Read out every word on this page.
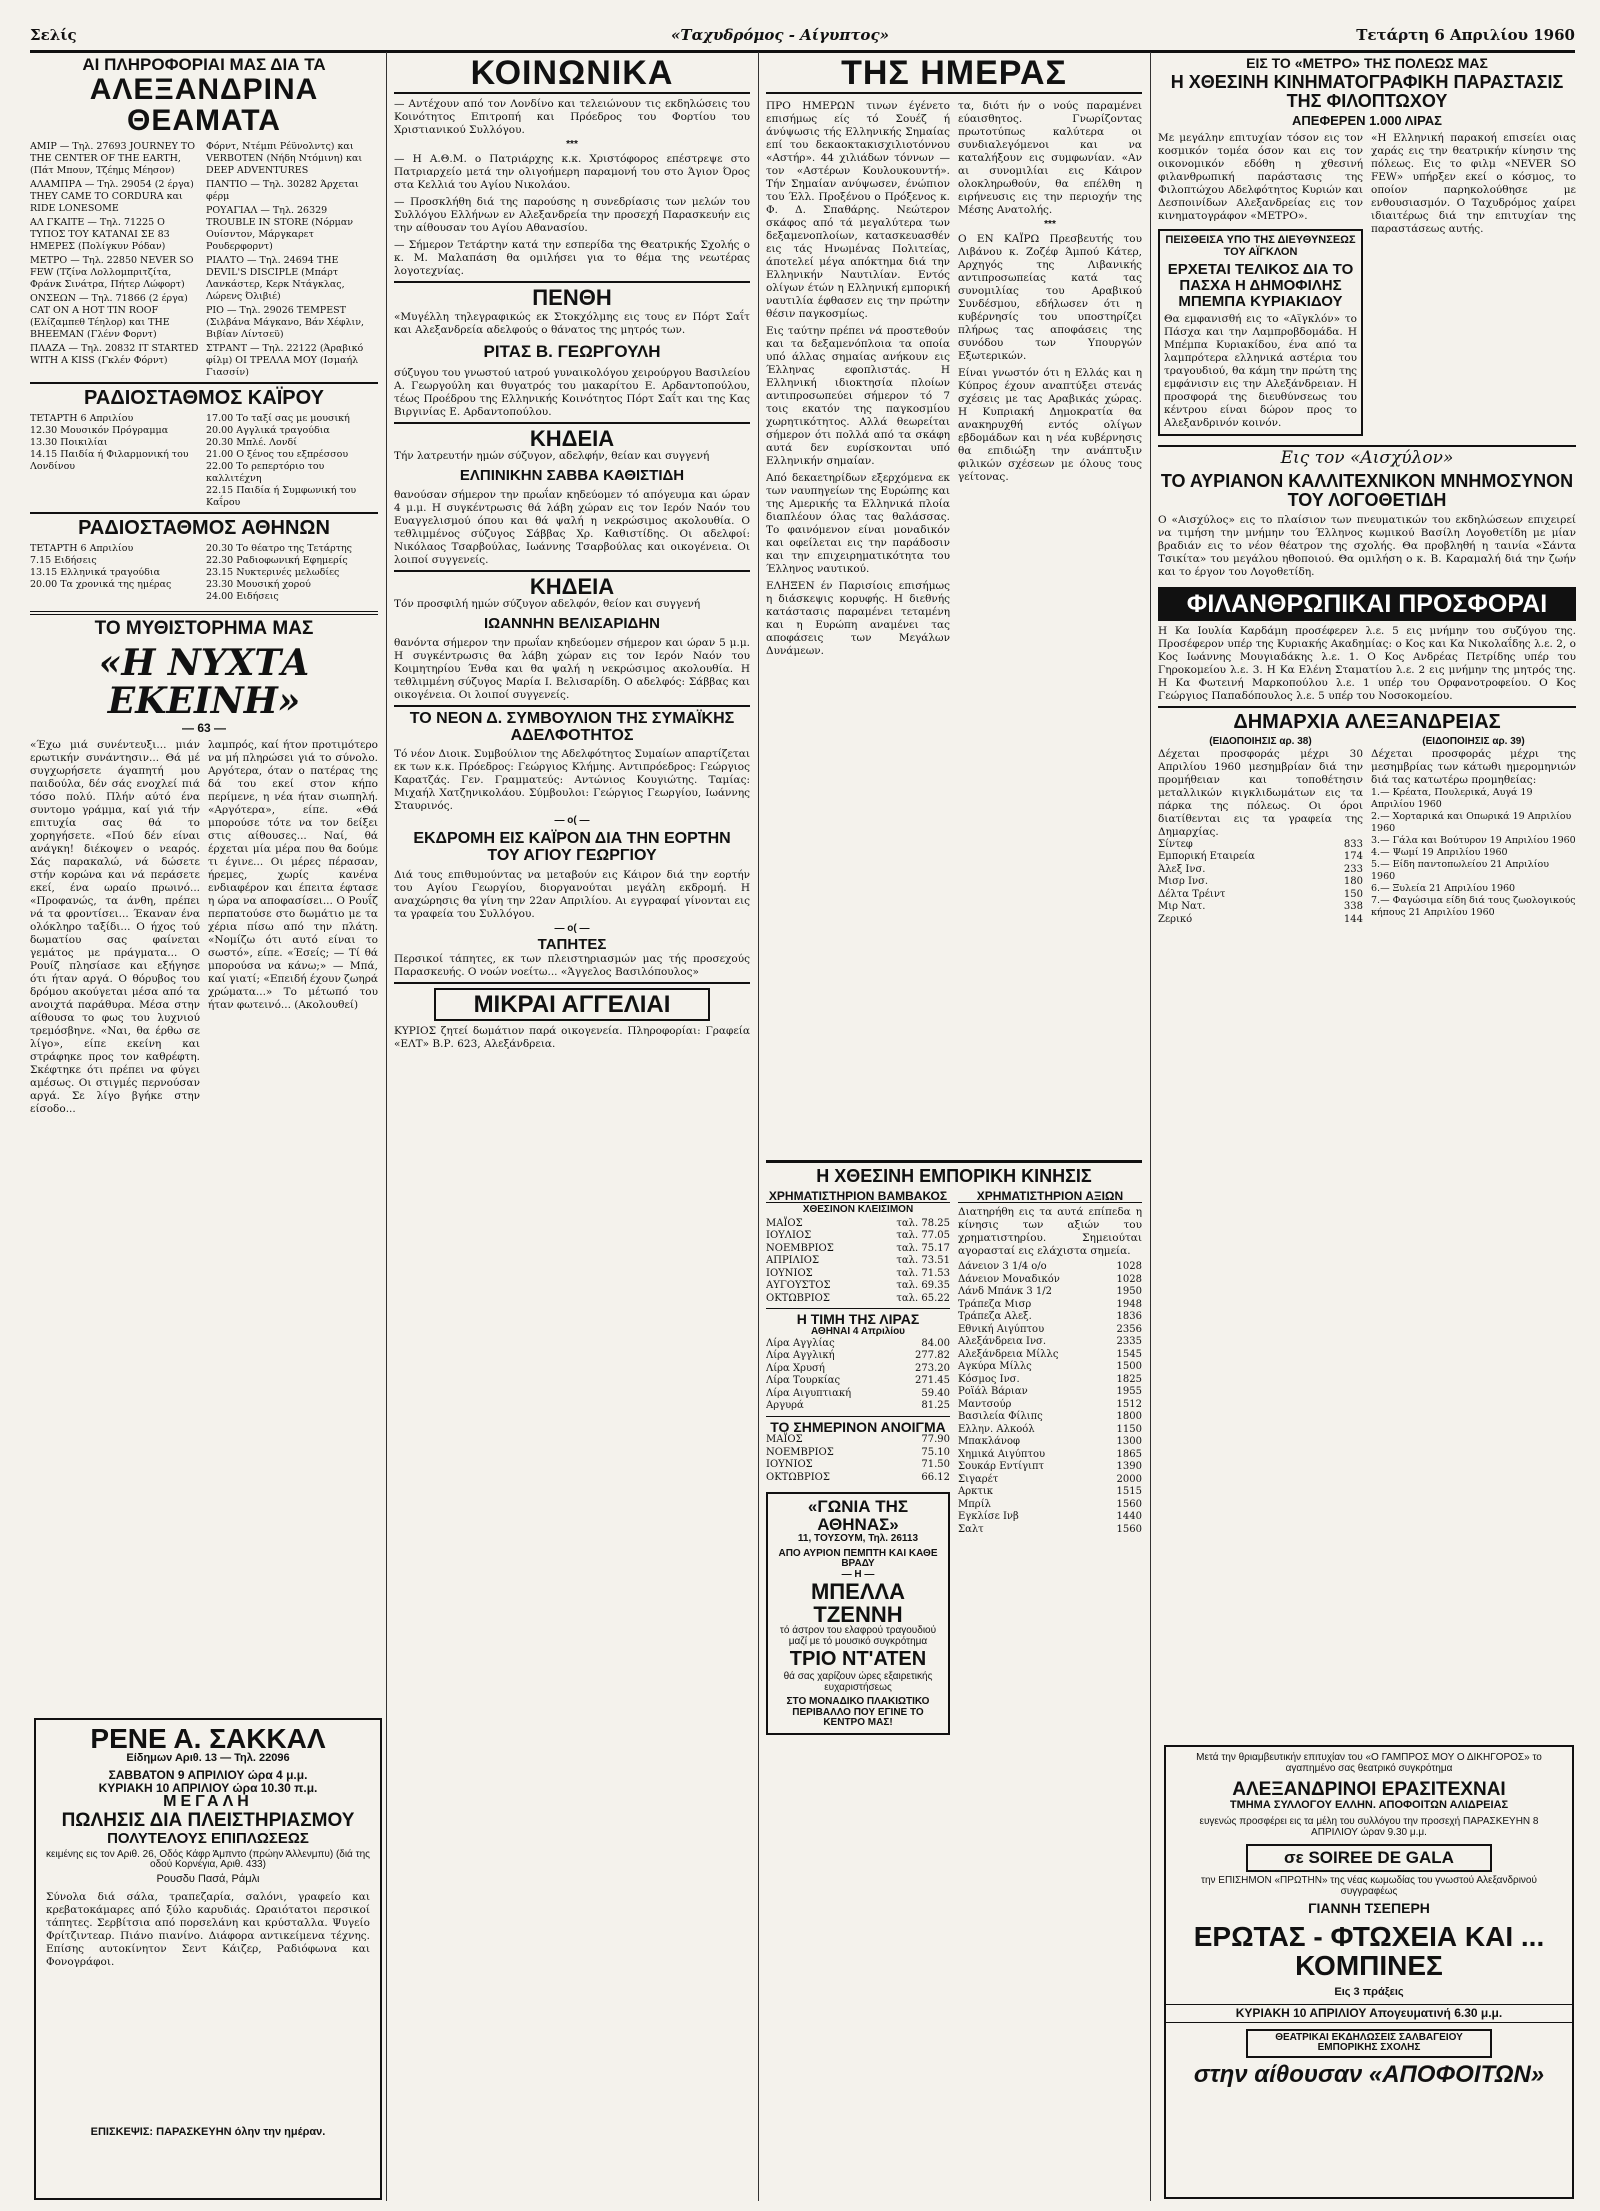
Σελίς	«Ταχυδρόμος - Αίγυπτος»	Τετάρτη 6 Απριλίου 1960
ΑΙ ΠΛΗΡΟΦΟΡΙΑΙ ΜΑΣ ΔΙΑ ΤΑ
ΑΛΕΞΑΝΔΡΙΝΑ ΘΕΑΜΑΤΑ
ΑΜΙΡ — Τηλ. 27693 JOURNEY TO THE CENTER OF THE EARTH, (Πάτ Μπουν, Τζέημς Μέησον)
ΑΛΑΜΠΡΑ — Τηλ. 29054 (2 έργα) THEY CAME TO CORDURA και RIDE LONESOME
ΑΛ ΓΚΑΙΤΕ — Τηλ. 71225 Ο ΤΥΠΟΣ ΤΟΥ ΚΑΤΑΝΑΙ ΣΕ 83 ΗΜΕΡΕΣ (Πολίγκυν Ρόδαν)
ΜΕΤΡΟ — Τηλ. 22850 NEVER SO FEW (Τζίνα Λολλομπριτζίτα, Φράνκ Σινάτρα, Πήτερ Λώφορτ)
ΟΝΣΕΩΝ — Τηλ. 71866 (2 έργα) CAT ON A HOT TIN ROOF (Ελίζαμπεθ Τέηλορ) και THE BHEEMAN (Γλένν Φορντ)
ΠΛΑΖΑ — Τηλ. 20832 IT STARTED WITH A KISS (Γκλέν Φόρντ)
Φόρντ, Ντέμπι Ρέϋνολντς) και VERBOTEN (Νήδη Ντόμινη) και DEEP ADVENTURES
ΠΑΝΤΙΟ — Τηλ. 30282 Άρχεται φέρμ
ΡΟΥΑΓΙΑΛ — Τηλ. 26329 TROUBLE IN STORE (Νόρμαν Ουίσντον, Μάργκαρετ Ρουδερφορντ)
ΡΙΑΛΤΟ — Τηλ. 24694 THE DEVIL'S DISCIPLE (Μπάρτ Λανκάστερ, Κερκ Ντάγκλας, Λώρενς Όλιβιέ)
ΡΙΟ — Τηλ. 29026 TEMPEST (Σιλβάνα Μάγκανο, Βάν Χέφλιν, Βιβίαν Λίντσεϋ)
ΣΤΡΑΝΤ — Τηλ. 22122 (Άραβικό φίλμ) ΟΙ ΤΡΕΛΛΑ ΜΟΥ (Ισμαήλ Γιασσίν)
ΡΑΔΙΟΣΤΑΘΜΟΣ ΚΑΪΡΟΥ
ΤΕΤΑΡΤΗ 6 Απριλίου
12.30 Μουσικόν Πρόγραμμα
13.30 Ποικιλίαι
14.15 Παιδία ή Φιλαρμονική του Λονδίνου
17.00 Το ταξί σας με μουσική
20.00 Αγγλικά τραγούδια
20.30 Μπλέ. Λονδί
21.00 Ο ξένος του εξπρέσσου
22.00 Το ρεπερτόριο του καλλιτέχνη
22.15 Παιδία ή Συμφωνική του Καΐρου
ΡΑΔΙΟΣΤΑΘΜΟΣ ΑΘΗΝΩΝ
ΤΕΤΑΡΤΗ 6 Απριλίου
7.15 Ειδήσεις
13.15 Ελληνικά τραγούδια
20.00 Τα χρονικά της ημέρας
20.30 Το θέατρο της Τετάρτης
22.30 Ραδιοφωνική Εφημερίς
23.15 Νυκτερινές μελωδίες
23.30 Μουσική χορού
24.00 Ειδήσεις
ΤΟ ΜΥΘΙΣΤΟΡΗΜΑ ΜΑΣ
«Η ΝΥΧΤΑ ΕΚΕΙΝΗ»
— 63 —
«Έχω μιά συνέντευξι... μιάν ερωτικήν συνάντησιν... Θά μέ συγχωρήσετε άγαπητή μου παιδούλα, δέν σάς ενοχλεί πιά τόσο πολύ. Πλήν αύτό ένα συντομο γράμμα, καί γιά τήν επιτυχία σας θά το χορηγήσετε. «Πού δέν είναι ανάγκη! διέκοψεν ο νεαρός. Σάς παρακαλώ, νά δώσετε στήν κορώνα και νά περάσετε εκεί, ένα ωραίο πρωινό... «Προφανώς, τα άνθη, πρέπει νά τα φροντίσει... Έκαναν ένα ολόκληρο ταξίδι... Ο ήχος τού δωματίου σας φαίνεται γεμάτος με πράγματα... Ο Ρουίζ πλησίασε και εξήγησε ότι ήταν αργά. Ο θόρυβος του δρόμου ακούγεται μέσα από τα ανοιχτά παράθυρα. Μέσα στην αίθουσα το φως του λυχνιού τρεμόσβηνε. «Ναι, θα έρθω σε λίγο», είπε εκείνη και στράφηκε προς τον καθρέφτη. Σκέφτηκε ότι πρέπει να φύγει αμέσως. Οι στιγμές περνούσαν αργά. Σε λίγο βγήκε στην είσοδο...
λαμπρός, καί ήτον προτιμότερο να μή πληρώσει γιά το σύνολο. Αργότερα, όταν ο πατέρας της δά του εκεί στον κήπο περίμενε, η νέα ήταν σιωπηλή. «Αργότερα», είπε. «Θά μπορούσε τότε να τον δείξει στις αίθουσες... Ναί, θά έρχεται μία μέρα που θα δούμε τι έγινε... Οι μέρες πέρασαν, ήρεμες, χωρίς κανένα ενδιαφέρον και έπειτα έφτασε η ώρα να αποφασίσει... Ο Ρουΐζ περπατούσε στο δωμάτιο με τα χέρια πίσω από την πλάτη. «Νομίζω ότι αυτό είναι το σωστό», είπε. «Έσείς; — Τί θά μπορούσα να κάνω;» — Μπά, καί γιατί; «Επειδή έχουν ζωηρά χρώματα...» Το μέτωπό του ήταν φωτεινό... (Ακολουθεί)
ΡΕΝΕ Α. ΣΑΚΚΑΛ
Είδημων Αριθ. 13 — Τηλ. 22096
ΣΑΒΒΑΤΟΝ 9 ΑΠΡΙΛΙΟΥ ώρα 4 μ.μ.
ΚΥΡΙΑΚΗ 10 ΑΠΡΙΛΙΟΥ ώρα 10.30 π.μ.
ΜΕΓΑΛΗ
ΠΩΛΗΣΙΣ ΔΙΑ ΠΛΕΙΣΤΗΡΙΑΣΜΟΥ
ΠΟΛΥΤΕΛΟΥΣ ΕΠΙΠΛΩΣΕΩΣ
κειμένης εις τον Αριθ. 26, Οδός Κάφρ Άμπντο (πρώην Άλλενμπυ) (διά της οδού Κορνέγια, Αριθ. 433)
Ρουσδυ Πασά, Ράμλι
Σύνολα διά σάλα, τραπεζαρία, σαλόνι, γραφείο και κρεβατοκάμαρες από ξύλο καρυδιάς. Ωραιότατοι περσικοί τάπητες. Σερβίτσια από πορσελάνη και κρύσταλλα. Ψυγείο Φρίτζιντεαρ. Πιάνο πιανίνο. Διάφορα αντικείμενα τέχνης. Επίσης αυτοκίνητον Σεντ Κάιζερ, Ραδιόφωνα και Φονογράφοι.
ΕΠΙΣΚΕΨΙΣ: ΠΑΡΑΣΚΕΥΗΝ όλην την ημέραν.
ΚΟΙΝΩΝΙΚΑ
— Αντέχουν από τον Λονδίνο και τελειώνουν τις εκδηλώσεις του Κοινότητος Επιτροπή και Πρόεδρος του Φορτίου του Χριστιανικού Συλλόγου.
***
— Η Α.Θ.Μ. ο Πατριάρχης κ.κ. Χριστόφορος επέστρεψε στο Πατριαρχείο μετά την ολιγοήμερη παραμονή του στο Άγιον Όρος στα Κελλιά του Αγίου Νικολάου.
— Προσκλήθη διά της παρούσης η συνεδρίασις των μελών του Συλλόγου Ελλήνων εν Αλεξανδρεία την προσεχή Παρασκευήν εις την αίθουσαν του Αγίου Αθανασίου.
— Σήμερον Τετάρτην κατά την εσπερίδα της Θεατρικής Σχολής ο κ. Μ. Μαλαπάση θα ομιλήσει για το θέμα της νεωτέρας λογοτεχνίας.
ΠΕΝΘΗ
«Μυγέλλη τηλεγραφικώς εκ Στοκχόλμης εις τους εν Πόρτ Σαΐτ και Αλεξανδρεία αδελφούς ο θάνατος της μητρός των.
ΡΙΤΑΣ Β. ΓΕΩΡΓΟΥΛΗ
σύζυγου του γνωστού ιατρού γυναικολόγου χειρούργου Βασιλείου Α. Γεωργούλη και θυγατρός του μακαρίτου Ε. Αρδαντοπούλου, τέως Προέδρου της Ελληνικής Κοινότητος Πόρτ Σαΐτ και της Κας Βιργινίας Ε. Αρδαντοπούλου.
ΚΗΔΕΙΑ
Τήν λατρευτήν ημών σύζυγον, αδελφήν, θείαν και συγγενή
ΕΛΠΙΝΙΚΗΝ ΣΑΒΒΑ ΚΑΘΙΣΤΙΔΗ
θανούσαν σήμερον την πρωΐαν κηδεύομεν τό απόγευμα και ώραν 4 μ.μ. Η συγκέντρωσις θά λάβη χώραν εις τον Ιερόν Ναόν του Ευαγγελισμού όπου και θά ψαλή η νεκρώσιμος ακολουθία. Ο τεθλιμμένος σύζυγος Σάββας Χρ. Καθιστίδης. Οι αδελφοί: Νικόλαος Τσαρβούλας, Ιωάννης Τσαρβούλας και οικογένεια. Οι λοιποί συγγενείς.
ΚΗΔΕΙΑ
Τόν προσφιλή ημών σύζυγον αδελφόν, θείον και συγγενή
ΙΩΑΝΝΗΝ ΒΕΛΙΣΑΡΙΔΗΝ
θανόντα σήμερον την πρωΐαν κηδεύομεν σήμερον και ώραν 5 μ.μ. Η συγκέντρωσις θα λάβη χώραν εις τον Ιερόν Ναόν του Κοιμητηρίου Ένθα και θα ψαλή η νεκρώσιμος ακολουθία. Η τεθλιμμένη σύζυγος Μαρία Ι. Βελισαρίδη. Ο αδελφός: Σάββας και οικογένεια. Οι λοιποί συγγενείς.
ΤΟ ΝΕΟΝ Δ. ΣΥΜΒΟΥΛΙΟΝ ΤΗΣ ΣΥΜΑΪΚΗΣ ΑΔΕΛΦΟΤΗΤΟΣ
Τό νέον Διοικ. Συμβούλιον της Αδελφότητος Συμαίων απαρτίζεται εκ των κ.κ. Πρόεδρος: Γεώργιος Κλήμης. Αντιπρόεδρος: Γεώργιος Καρατζάς. Γεν. Γραμματεύς: Αντώνιος Κουγιώτης. Ταμίας: Μιχαήλ Χατζηνικολάου. Σύμβουλοι: Γεώργιος Γεωργίου, Ιωάννης Σταυρινός.
— ο( —
ΕΚΔΡΟΜΗ ΕΙΣ ΚΑΪΡΟΝ ΔΙΑ ΤΗΝ ΕΟΡΤΗΝ ΤΟΥ ΑΓΙΟΥ ΓΕΩΡΓΙΟΥ
Διά τους επιθυμούντας να μεταβούν εις Κάιρον διά την εορτήν του Αγίου Γεωργίου, διοργανούται μεγάλη εκδρομή. Η αναχώρησις θα γίνη την 22αν Απριλίου. Αι εγγραφαί γίνονται εις τα γραφεία του Συλλόγου.
— ο( —
ΤΑΠΗΤΕΣ
Περσικοί τάπητες, εκ των πλειστηριασμών μας τής προσεχούς Παρασκευής. Ο νοών νοείτω... «Άγγελος Βασιλόπουλος»
ΜΙΚΡΑΙ ΑΓΓΕΛΙΑΙ
ΚΥΡΙΟΣ ζητεί δωμάτιον παρά οικογενεία. Πληροφορίαι: Γραφεία «ΕΛΤ» Β.Ρ. 623, Αλεξάνδρεια.
ΤΗΣ ΗΜΕΡΑΣ
ΠΡΟ ΗΜΕΡΩΝ τινων έγένετο επισήμως είς τό Σουέζ ή άνύψωσις τής Ελληνικής Σημαίας επί του δεκαοκτακισχιλιοτόννου «Αστήρ». 44 χιλιάδων τόννων — τον «Αστέρων Κουλουκουντή». Τήν Σημαίαν ανύψωσεν, ένώπιον του Έλλ. Προξένου ο Πρόξενος κ. Φ. Δ. Σπαθάρης. Νεώτερον σκάφος από τά μεγαλύτερα των δεξαμενοπλοίων, κατασκευασθέν εις τάς Ηνωμένας Πολιτείας, άποτελεί μέγα απόκτημα διά την Ελληνικήν Ναυτιλίαν. Εντός ολίγων έτών η Ελληνική εμπορική ναυτιλία έφθασεν εις την πρώτην θέσιν παγκοσμίως.
Εις ταύτην πρέπει νά προστεθούν και τα δεξαμενόπλοια τα οποία υπό άλλας σημαίας ανήκουν εις Έλληνας εφοπλιστάς. Η Ελληνική ιδιοκτησία πλοίων αντιπροσωπεύει σήμερον τό 7 τοις εκατόν της παγκοσμίου χωρητικότητος. Αλλά θεωρείται σήμερον ότι πολλά από τα σκάφη αυτά δεν ευρίσκονται υπό Ελληνικήν σημαίαν.
Από δεκαετηρίδων εξερχόμενα εκ των ναυπηγείων της Ευρώπης και της Αμερικής τα Ελληνικά πλοία διαπλέουν όλας τας θαλάσσας. Το φαινόμενον είναι μοναδικόν και οφείλεται εις την παράδοσιν και την επιχειρηματικότητα του Έλληνος ναυτικού.
ΕΛΗΞΕΝ έν Παρισίοις επισήμως η διάσκεψις κορυφής. Η διεθνής κατάστασις παραμένει τεταμένη και η Ευρώπη αναμένει τας αποφάσεις των Μεγάλων Δυνάμεων.
τα, διότι ήν ο νούς παραμένει εύαισθητος. Γνωρίζοντας πρωτοτύπως καλύτερα οι συνδιαλεγόμενοι και να καταλήξουν εις συμφωνίαν. «Αν αι συνομιλίαι εις Κάιρον ολοκληρωθούν, θα επέλθη η ειρήνευσις εις την περιοχήν της Μέσης Ανατολής.
***
Ο ΕΝ ΚΑΪΡΩ Πρεσβευτής του Λιβάνου κ. Ζοζέφ Άμπού Κάτερ, Αρχηγός της Λιβανικής αντιπροσωπείας κατά τας συνομιλίας του Αραβικού Συνδέσμου, εδήλωσεν ότι η κυβέρνησίς του υποστηρίζει πλήρως τας αποφάσεις της συνόδου των Υπουργών Εξωτερικών.
Είναι γνωστόν ότι η Ελλάς και η Κύπρος έχουν αναπτύξει στενάς σχέσεις με τας Αραβικάς χώρας. Η Κυπριακή Δημοκρατία θα ανακηρυχθή εντός ολίγων εβδομάδων και η νέα κυβέρνησις θα επιδιώξη την ανάπτυξιν φιλικών σχέσεων με όλους τους γείτονας.
Η ΧΘΕΣΙΝΗ ΕΜΠΟΡΙΚΗ ΚΙΝΗΣΙΣ
ΧΡΗΜΑΤΙΣΤΗΡΙΟΝ ΒΑΜΒΑΚΟΣ
ΧΘΕΣΙΝΟΝ ΚΛΕΙΣΙΜΟΝ
ΜΑΪΟΣ	ταλ. 78.25
ΙΟΥΛΙΟΣ	ταλ. 77.05
ΝΟΕΜΒΡΙΟΣ	ταλ. 75.17
ΑΠΡΙΛΙΟΣ	ταλ. 73.51
ΙΟΥΝΙΟΣ	ταλ. 71.53
ΑΥΓΟΥΣΤΟΣ	ταλ. 69.35
ΟΚΤΩΒΡΙΟΣ	ταλ. 65.22
Η ΤΙΜΗ ΤΗΣ ΛΙΡΑΣ
ΑΘΗΝΑΙ 4 Απριλίου
Λίρα Αγγλίας	84.00
Λίρα Αγγλική	277.82
Λίρα Χρυσή	273.20
Λίρα Τουρκίας	271.45
Λίρα Αιγυπτιακή	59.40
Αργυρά	81.25
ΤΟ ΣΗΜΕΡΙΝΟΝ ΑΝΟΙΓΜΑ
ΜΑΪΟΣ	77.90
ΝΟΕΜΒΡΙΟΣ	75.10
ΙΟΥΝΙΟΣ	71.50
ΟΚΤΩΒΡΙΟΣ	66.12
«ΓΩΝΙΑ ΤΗΣ ΑΘΗΝΑΣ»
11, ΤΟΥΣΟΥΜ, Τηλ. 26113
ΑΠΟ ΑΥΡΙΟΝ ΠΕΜΠΤΗ ΚΑΙ ΚΑΘΕ ΒΡΑΔΥ
— Η —
ΜΠΕΛΛΑ ΤΖΕΝΝΗ
τό άστρον του ελαφρού τραγουδιού μαζί με τό μουσικό συγκρότημα
ΤΡΙΟ ΝΤ'ΑΤΕΝ
θά σας χαρίζουν ώρες εξαιρετικής ευχαριστήσεως
ΣΤΟ ΜΟΝΑΔΙΚΟ ΠΛΑΚΙΩΤΙΚΟ ΠΕΡΙΒΑΛΛΟ ΠΟΥ ΕΓΙΝΕ ΤΟ ΚΕΝΤΡΟ ΜΑΣ!
ΧΡΗΜΑΤΙΣΤΗΡΙΟΝ ΑΞΙΩΝ
Διατηρήθη εις τα αυτά επίπεδα η κίνησις των αξιών του χρηματιστηρίου. Σημειούται αγορασταί εις ελάχιστα σημεία.
Δάνειον 3 1/4 ο/ο	1028
Δάνειον Μοναδικόν	1028
Λάνδ Μπάνκ 3 1/2	1950
Τράπεζα Μισρ	1948
Τράπεζα Αλεξ.	1836
Εθνική Αιγύπτου	2356
Αλεξάνδρεια Ινσ.	2335
Αλεξάνδρεια Μίλλς	1545
Αγκύρα Μίλλς	1500
Κόσμος Ινσ.	1825
Ροϊάλ Βάριαν	1955
Μαντσούρ	1512
Βασιλεία Φίλιπς	1800
Ελλην. Αλκοόλ	1150
Μπακλάνοφ	1300
Χημικά Αιγύπτου	1865
Σουκάρ Εντίγιπτ	1390
Σιγαρέτ	2000
Αρκτικ	1515
Μπρίλ	1560
Εγκλίσε Ινβ	1440
Σαλτ	1560
ΕΙΣ ΤΟ «ΜΕΤΡΟ» ΤΗΣ ΠΟΛΕΩΣ ΜΑΣ
Η ΧΘΕΣΙΝΗ ΚΙΝΗΜΑΤΟΓΡΑΦΙΚΗ ΠΑΡΑΣΤΑΣΙΣ ΤΗΣ ΦΙΛΟΠΤΩΧΟΥ
ΑΠΕΦΕΡΕΝ 1.000 ΛΙΡΑΣ
Με μεγάλην επιτυχίαν τόσον εις τον κοσμικόν τομέα όσον και εις τον οικονομικόν εδόθη η χθεσινή φιλανθρωπική παράστασις της Φιλοπτώχου Αδελφότητος Κυριών και Δεσποινίδων Αλεξανδρείας εις τον κινηματογράφον «ΜΕΤΡΟ».
ΠΕΙΣΘΕΙΣΑ ΥΠΟ ΤΗΣ ΔΙΕΥΘΥΝΣΕΩΣ ΤΟΥ ΑΪΓΚΛΟΝ
ΕΡΧΕΤΑΙ ΤΕΛΙΚΟΣ ΔΙΑ ΤΟ ΠΑΣΧΑ Η ΔΗΜΟΦΙΛΗΣ ΜΠΕΜΠΑ ΚΥΡΙΑΚΙΔΟΥ
Θα εμφανισθή εις το «Αϊγκλόν» το Πάσχα και την Λαμπροβδομάδα. Η Μπέμπα Κυριακίδου, ένα από τα λαμπρότερα ελληνικά αστέρια του τραγουδιού, θα κάμη την πρώτη της εμφάνισιν εις την Αλεξάνδρειαν. Η προσφορά της διευθύνσεως του κέντρου είναι δώρον προς το Αλεξανδρινόν κοινόν.
«Η Ελληνική παρακοή επισείει οιας χαράς εις την θεατρικήν κίνησιν της πόλεως. Εις το φιλμ «NEVER SO FEW» υπήρξεν εκεί ο κόσμος, το οποίον παρηκολούθησε με ενθουσιασμόν. Ο Ταχυδρόμος χαίρει ιδιαιτέρως διά την επιτυχίαν της παραστάσεως αυτής.
Εις τον «Αισχύλον»
ΤΟ ΑΥΡΙΑΝΟΝ ΚΑΛΛΙΤΕΧΝΙΚΟΝ ΜΝΗΜΟΣΥΝΟΝ ΤΟΥ ΛΟΓΟΘΕΤΙΔΗ
Ο «Αισχύλος» εις το πλαίσιον των πνευματικών του εκδηλώσεων επιχειρεί να τιμήση την μνήμην του Έλληνος κωμικού Βασίλη Λογοθετίδη με μίαν βραδιάν εις το νέον θέατρον της σχολής. Θα προβληθή η ταινία «Σάντα Τσικίτα» του μεγάλου ηθοποιού. Θα ομιλήση ο κ. Β. Καραμαλή διά την ζωήν και το έργον του Λογοθετίδη.
ΦΙΛΑΝΘΡΩΠΙΚΑΙ ΠΡΟΣΦΟΡΑΙ
Η Κα Ιουλία Καρδάμη προσέφερεν λ.ε. 5 εις μνήμην του συζύγου της. Προσέφερον υπέρ της Κυριακής Ακαδημίας: ο Κος και Κα Νικολαΐδης λ.ε. 2, ο Κος Ιωάννης Μουγιαδάκης λ.ε. 1. Ο Κος Ανδρέας Πετρίδης υπέρ του Γηροκομείου λ.ε. 3. Η Κα Ελένη Σταματίου λ.ε. 2 εις μνήμην της μητρός της. Η Κα Φωτεινή Μαρκοπούλου λ.ε. 1 υπέρ του Ορφανοτροφείου. Ο Κος Γεώργιος Παπαδόπουλος λ.ε. 5 υπέρ του Νοσοκομείου.
ΔΗΜΑΡΧΙΑ ΑΛΕΞΑΝΔΡΕΙΑΣ
(ΕΙΔΟΠΟΙΗΣΙΣ αρ. 38)
Δέχεται προσφοράς μέχρι 30 Απριλίου 1960 μεσημβρίαν διά την προμήθειαν και τοποθέτησιν μεταλλικών κιγκλιδωμάτων εις τα πάρκα της πόλεως. Οι όροι διατίθενται εις τα γραφεία της Δημαρχίας.
Σίντεφ	833
Εμπορική Εταιρεία	174
Άλεξ Ινσ.	233
Μισρ Ινσ.	180
Δέλτα Τρέιντ	150
Μιρ Νατ.	338
Ζερικό	144
(ΕΙΔΟΠΟΙΗΣΙΣ αρ. 39)
Δέχεται προσφοράς μέχρι της μεσημβρίας των κάτωθι ημερομηνιών διά τας κατωτέρω προμηθείας:
1.— Κρέατα, Πουλερικά, Αυγά 19 Απριλίου 1960
2.— Χορταρικά και Οπωρικά 19 Απριλίου 1960
3.— Γάλα και Βούτυρον 19 Απριλίου 1960
4.— Ψωμί 19 Απριλίου 1960
5.— Είδη παντοπωλείου 21 Απριλίου 1960
6.— Ξυλεία 21 Απριλίου 1960
7.— Φαγώσιμα είδη διά τους ζωολογικούς κήπους 21 Απριλίου 1960
Μετά την θριαμβευτικήν επιτυχίαν του «Ο ΓΑΜΠΡΟΣ ΜΟΥ Ο ΔΙΚΗΓΟΡΟΣ» το αγαπημένο σας θεατρικό συγκρότημα
ΑΛΕΞΑΝΔΡΙΝΟΙ ΕΡΑΣΙΤΕΧΝΑΙ
ΤΜΗΜΑ ΣΥΛΛΟΓΟΥ ΕΛΛΗΝ. ΑΠΟΦΟΙΤΩΝ ΑΛΙΔΡΕΙΑΣ
ευγενώς προσφέρει εις τα μέλη του συλλόγου την προσεχή ΠΑΡΑΣΚΕΥΗΝ 8 ΑΠΡΙΛΙΟΥ ώραν 9.30 μ.μ.
σε SOIREE DE GALA
την ΕΠΙΣΗΜΟΝ «ΠΡΩΤΗΝ» της νέας κωμωδίας του γνωστού Αλεξανδρινού συγγραφέως
ΓΙΑΝΝΗ ΤΣΕΠΕΡΗ
ΕΡΩΤΑΣ - ΦΤΩΧΕΙΑ ΚΑΙ ... ΚΟΜΠΙΝΕΣ
Εις 3 πράξεις
ΚΥΡΙΑΚΗ 10 ΑΠΡΙΛΙΟΥ Απογευματινή 6.30 μ.μ.
ΘΕΑΤΡΙΚΑΙ ΕΚΔΗΛΩΣΕΙΣ ΣΑΛΒΑΓΕΙΟΥ ΕΜΠΟΡΙΚΗΣ ΣΧΟΛΗΣ
στην αίθουσαν «ΑΠΟΦΟΙΤΩΝ»
